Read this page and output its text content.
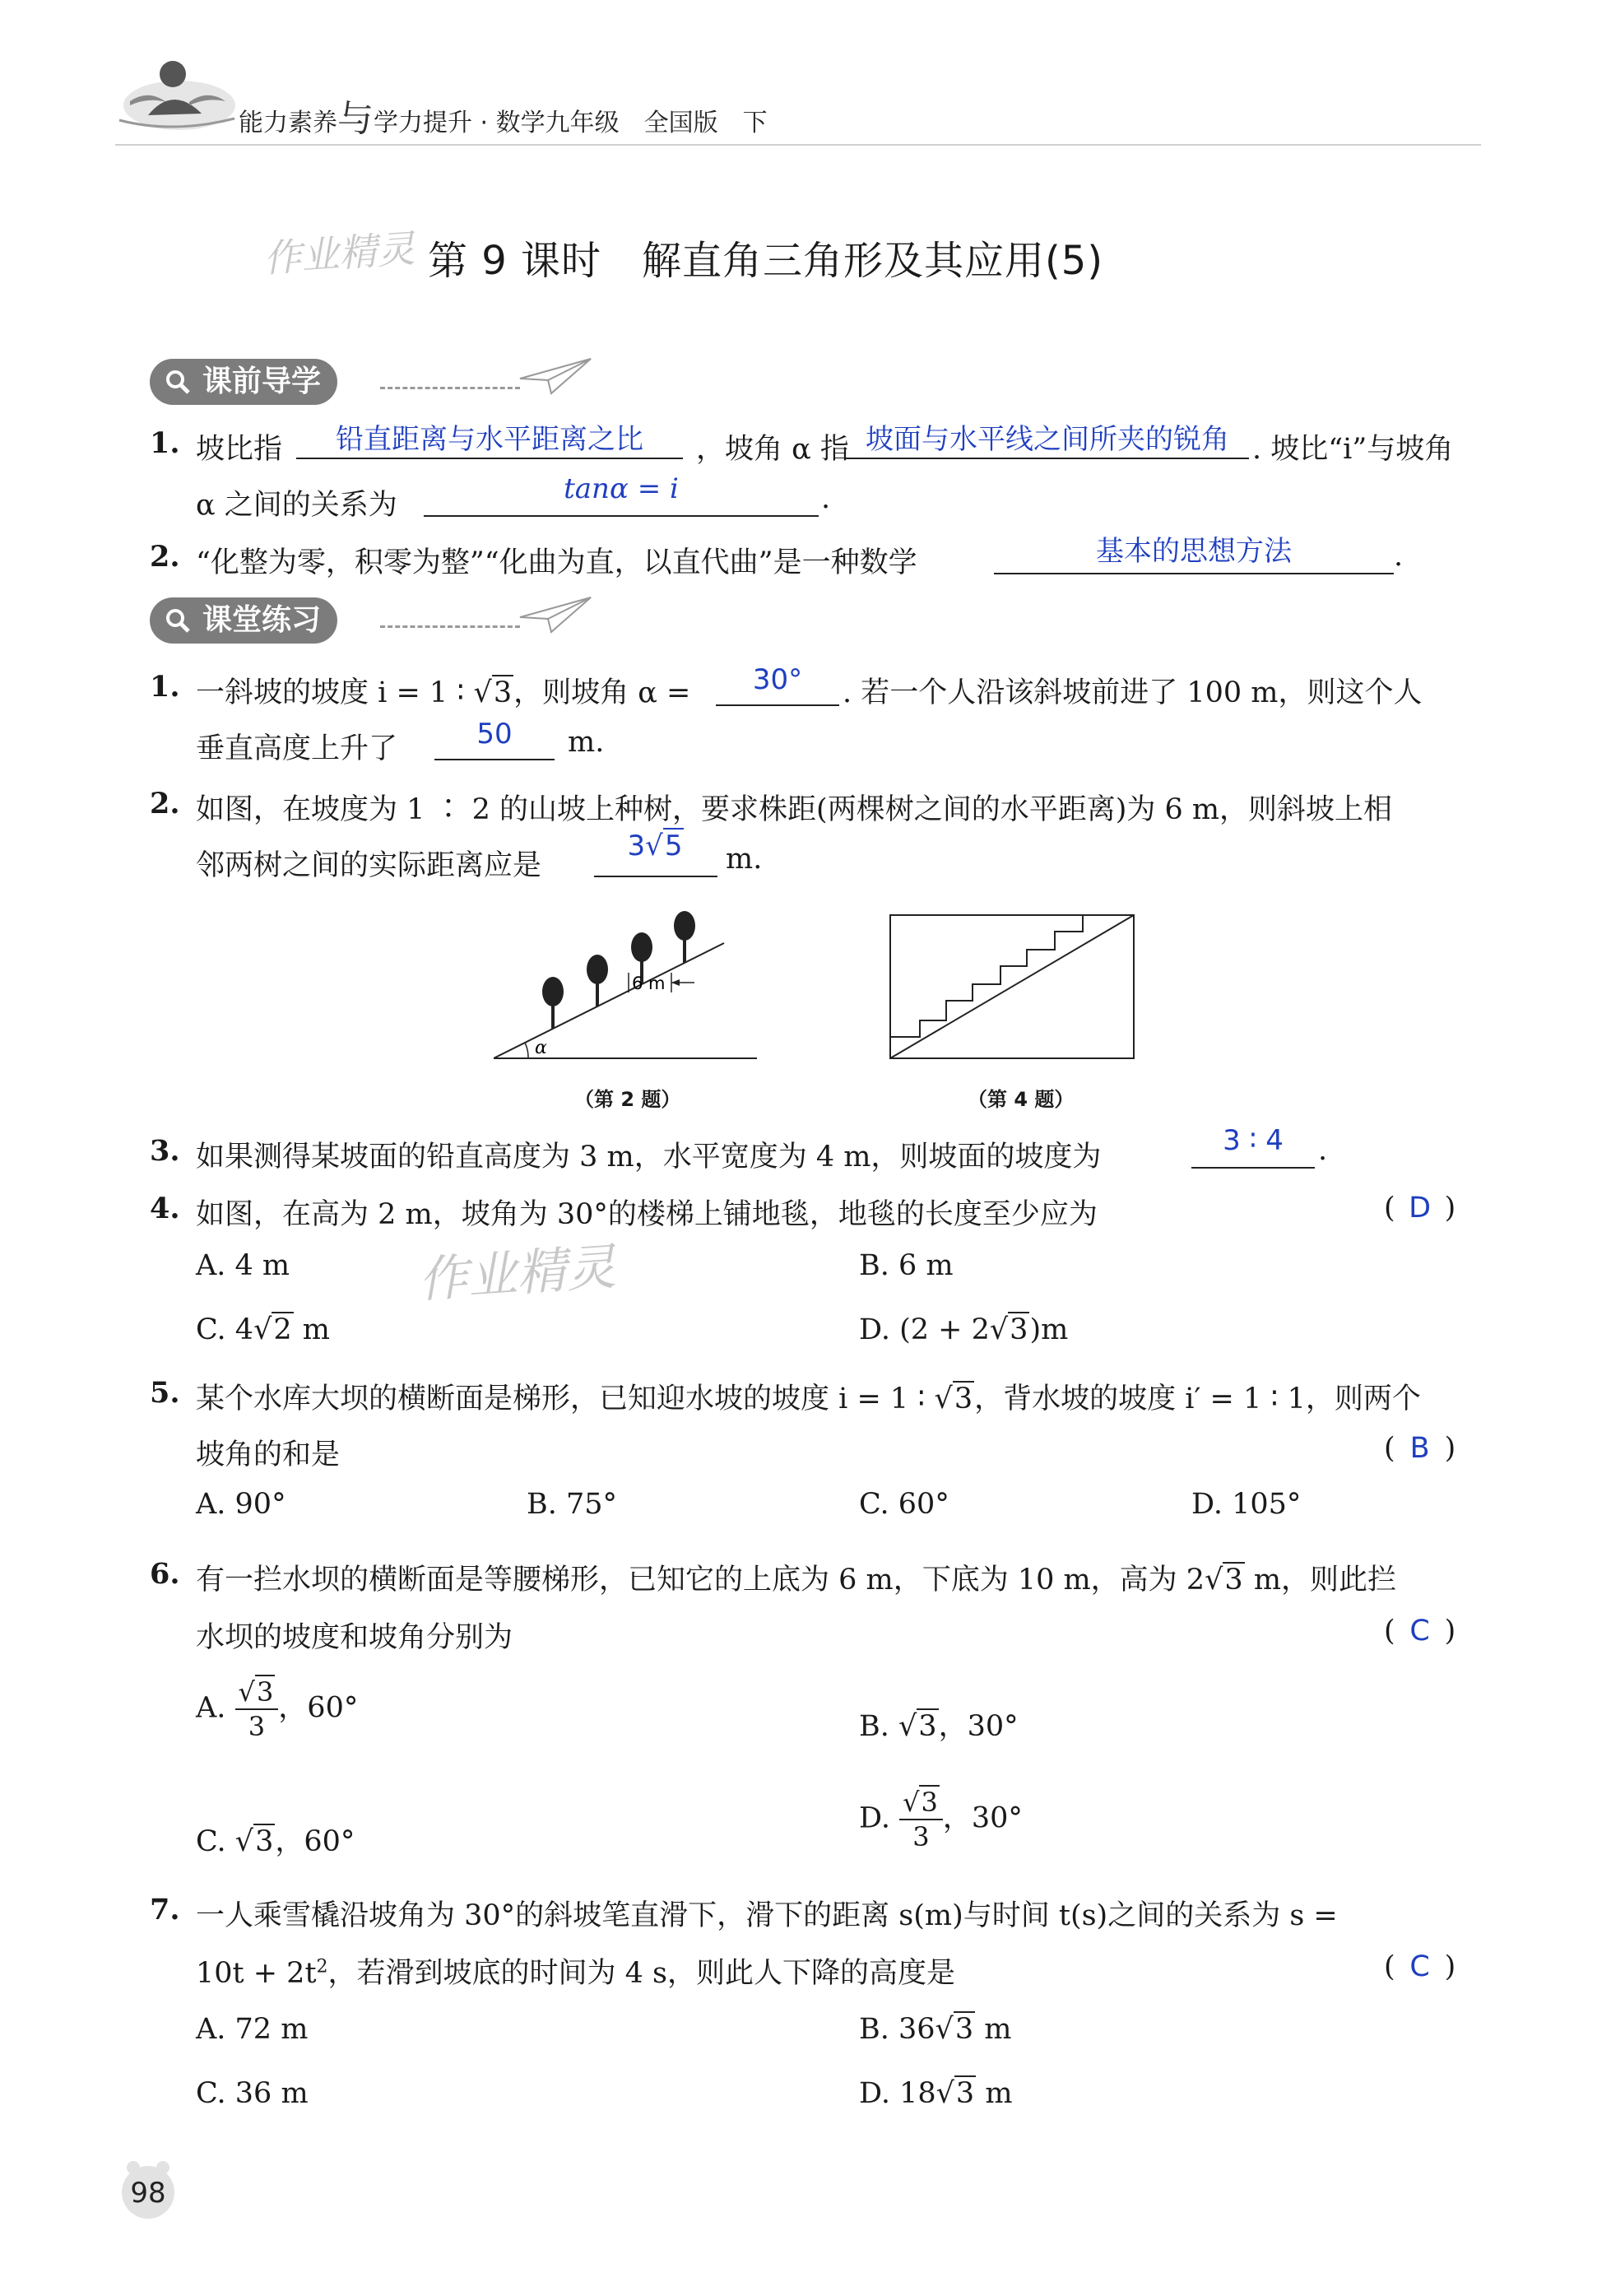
能力素养与学力提升 · 数学九年级　全国版　下
作业精灵 第 9 课时　解直角三角形及其应用(5)
课前导学
1. 坡比指	铅直距离与水平距离之比	，坡角 α 指 坡面与水平线之间所夹的锐角 . 坡比“i”与坡角
α 之间的关系为	tanα = i	.
2. “化整为零，积零为整”“化曲为直，以直代曲”是一种数学	基本的思想方法	.
课堂练习
1. 一斜坡的坡度 i = 1 ∶ √3，则坡角 α =	30°	. 若一个人沿该斜坡前进了 100 m，则这个人
垂直高度上升了	50	m.
2. 如图，在坡度为 1 ∶ 2 的山坡上种树，要求株距(两棵树之间的水平距离)为 6 m，则斜坡上相
邻两树之间的实际距离应是
3√5	m.
α
6 m
（第 2 题）	（第 4 题）
3. 如果测得某坡面的铅直高度为 3 m，水平宽度为 4 m，则坡面的坡度为	3 ∶ 4	.
4. 如图，在高为 2 m，坡角为 30°的楼梯上铺地毯，地毯的长度至少应为	( D )
A. 4 m	B. 6 m
C. 4√2 m	D. (2 + 2√3)m
作业精灵
5. 某个水库大坝的横断面是梯形，已知迎水坡的坡度 i = 1 ∶ √3，背水坡的坡度 i′ = 1 ∶ 1，则两个
坡角的和是	( B )
A. 90°	B. 75°	C. 60°	D. 105°
6. 有一拦水坝的横断面是等腰梯形，已知它的上底为 6 m，下底为 10 m，高为 2√3 m，则此拦
水坝的坡度和坡角分别为	( C )
A. $\frac{√3}{3}$ ，60°
B. √3，30°
C. √3，60°
D. $\frac{√3}{3}$ ，30°
7. 一人乘雪橇沿坡角为 30°的斜坡笔直滑下，滑下的距离 s(m)与时间 t(s)之间的关系为 s =
$10t + 2t^2$，若滑到坡底的时间为 4 s，则此人下降的高度是	( C )
A. 72 m	B. 36√3 m
C. 36 m	D. 18√3 m
98
